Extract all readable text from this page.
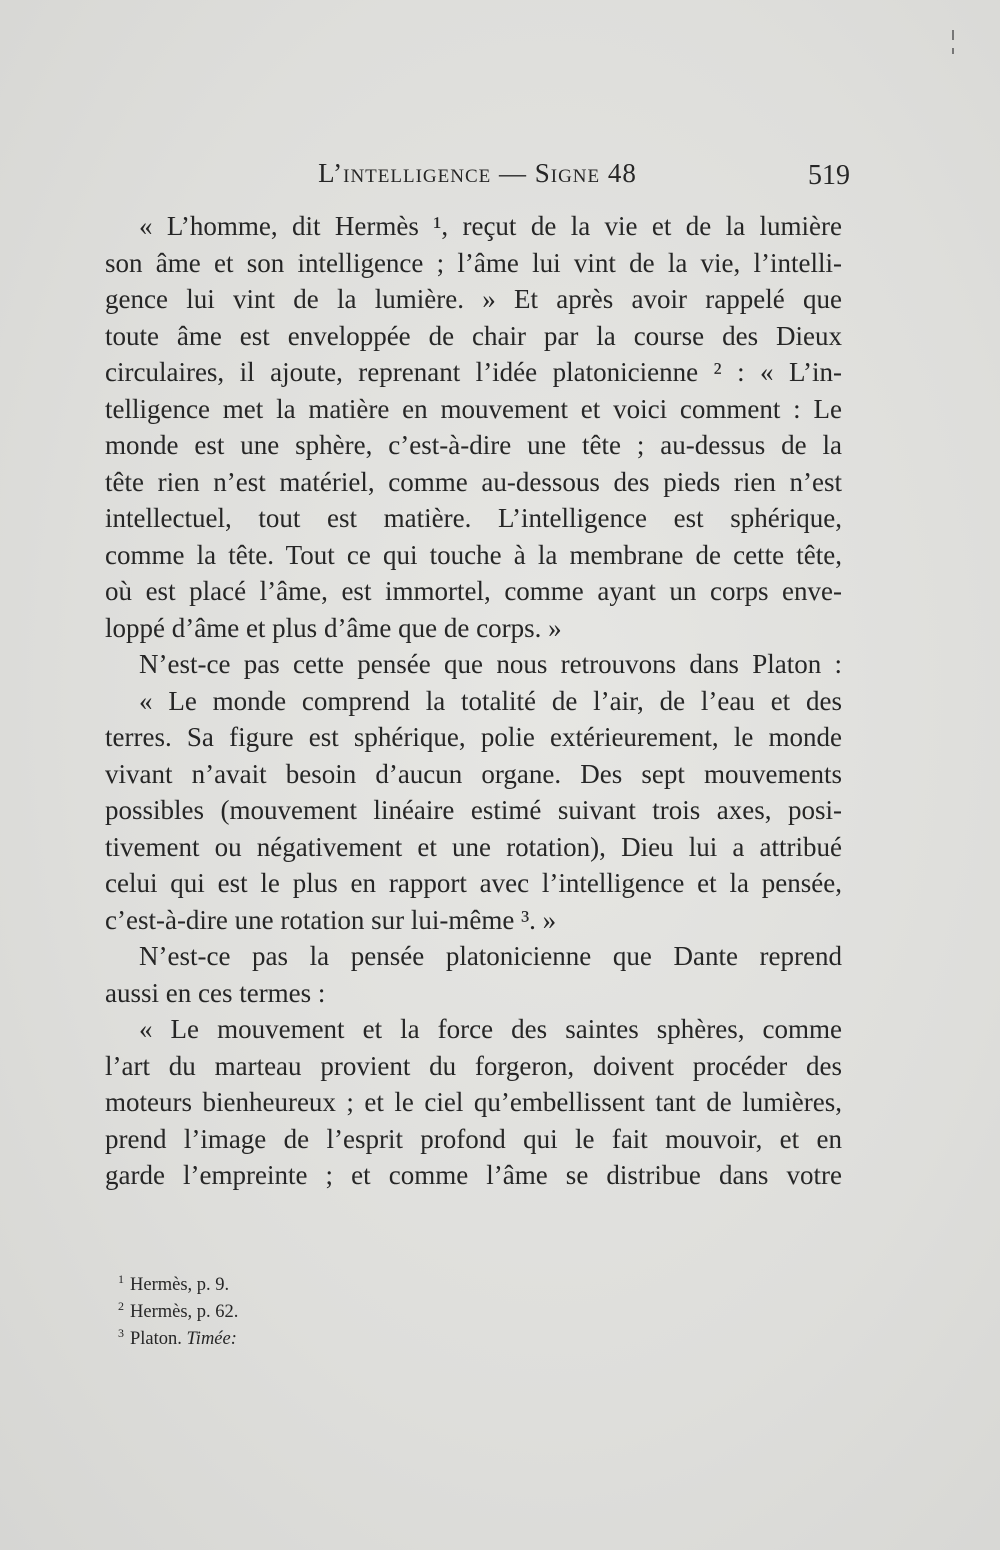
L’intelligence — Signe 48	519
« L’homme, dit Hermès ¹, reçut de la vie et de la lumière
son âme et son intelligence ; l’âme lui vint de la vie, l’intelli-
gence lui vint de la lumière. » Et après avoir rappelé que
toute âme est enveloppée de chair par la course des Dieux
circulaires, il ajoute, reprenant l’idée platonicienne ² : « L’in-
telligence met la matière en mouvement et voici comment : Le
monde est une sphère, c’est-à-dire une tête ; au-dessus de la
tête rien n’est matériel, comme au-dessous des pieds rien n’est
intellectuel, tout est matière. L’intelligence est sphérique,
comme la tête. Tout ce qui touche à la membrane de cette tête,
où est placé l’âme, est immortel, comme ayant un corps enve-
loppé d’âme et plus d’âme que de corps. »
N’est-ce pas cette pensée que nous retrouvons dans Platon :
« Le monde comprend la totalité de l’air, de l’eau et des
terres. Sa figure est sphérique, polie extérieurement, le monde
vivant n’avait besoin d’aucun organe. Des sept mouvements
possibles (mouvement linéaire estimé suivant trois axes, posi-
tivement ou négativement et une rotation), Dieu lui a attribué
celui qui est le plus en rapport avec l’intelligence et la pensée,
c’est-à-dire une rotation sur lui-même ³. »
N’est-ce pas la pensée platonicienne que Dante reprend
aussi en ces termes :
« Le mouvement et la force des saintes sphères, comme
l’art du marteau provient du forgeron, doivent procéder des
moteurs bienheureux ; et le ciel qu’embellissent tant de lumières,
prend l’image de l’esprit profond qui le fait mouvoir, et en
garde l’empreinte ; et comme l’âme se distribue dans votre
$^1$ Hermès, p. 9.
$^2$ Hermès, p. 62.
$^3$ Platon. Timée:
